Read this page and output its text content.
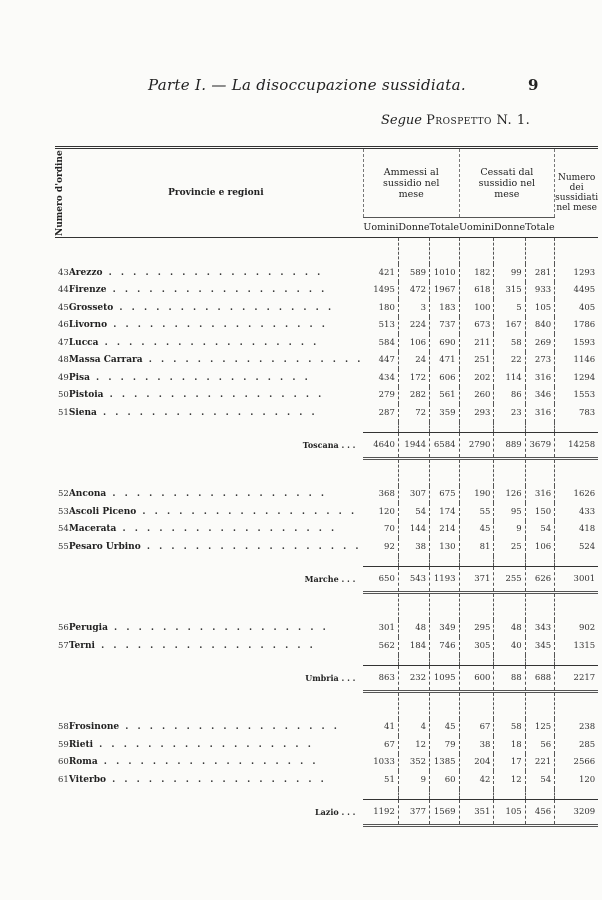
Parte I. — La disoccupazione sussidiata.	9
Segue Prospetto N. 1.
Numero d'ordine	Provincie e regioni	Ammessi al sussidio nel mese			Cessati dal sussidio nel mese			Numero dei sussidiati nel mese
		Uomini	Donne	Totale	Uomini	Donne	Totale	

43	Arezzo . . . . . . . . . . . . . . . . . .	421	589	1010	182	99	281	1293
44	Firenze . . . . . . . . . . . . . . . . . .	1495	472	1967	618	315	933	4495
45	Grosseto . . . . . . . . . . . . . . . . . .	180	3	183	100	5	105	405
46	Livorno . . . . . . . . . . . . . . . . . .	513	224	737	673	167	840	1786
47	Lucca . . . . . . . . . . . . . . . . . .	584	106	690	211	58	269	1593
48	Massa Carrara . . . . . . . . . . . . . . . . . .	447	24	471	251	22	273	1146
49	Pisa . . . . . . . . . . . . . . . . . .	434	172	606	202	114	316	1294
50	Pistoia . . . . . . . . . . . . . . . . . .	279	282	561	260	86	346	1553
51	Siena . . . . . . . . . . . . . . . . . .	287	72	359	293	23	316	783

	Toscana . . .	4640	1944	6584	2790	889	3679	14258

52	Ancona . . . . . . . . . . . . . . . . . .	368	307	675	190	126	316	1626
53	Ascoli Piceno . . . . . . . . . . . . . . . . . .	120	54	174	55	95	150	433
54	Macerata . . . . . . . . . . . . . . . . . .	70	144	214	45	9	54	418
55	Pesaro Urbino . . . . . . . . . . . . . . . . . .	92	38	130	81	25	106	524

	Marche . . .	650	543	1193	371	255	626	3001

56	Perugia . . . . . . . . . . . . . . . . . .	301	48	349	295	48	343	902
57	Terni . . . . . . . . . . . . . . . . . .	562	184	746	305	40	345	1315

	Umbria . . .	863	232	1095	600	88	688	2217

58	Frosinone . . . . . . . . . . . . . . . . . .	41	4	45	67	58	125	238
59	Rieti . . . . . . . . . . . . . . . . . .	67	12	79	38	18	56	285
60	Roma . . . . . . . . . . . . . . . . . .	1033	352	1385	204	17	221	2566
61	Viterbo . . . . . . . . . . . . . . . . . .	51	9	60	42	12	54	120

	Lazio . . .	1192	377	1569	351	105	456	3209
